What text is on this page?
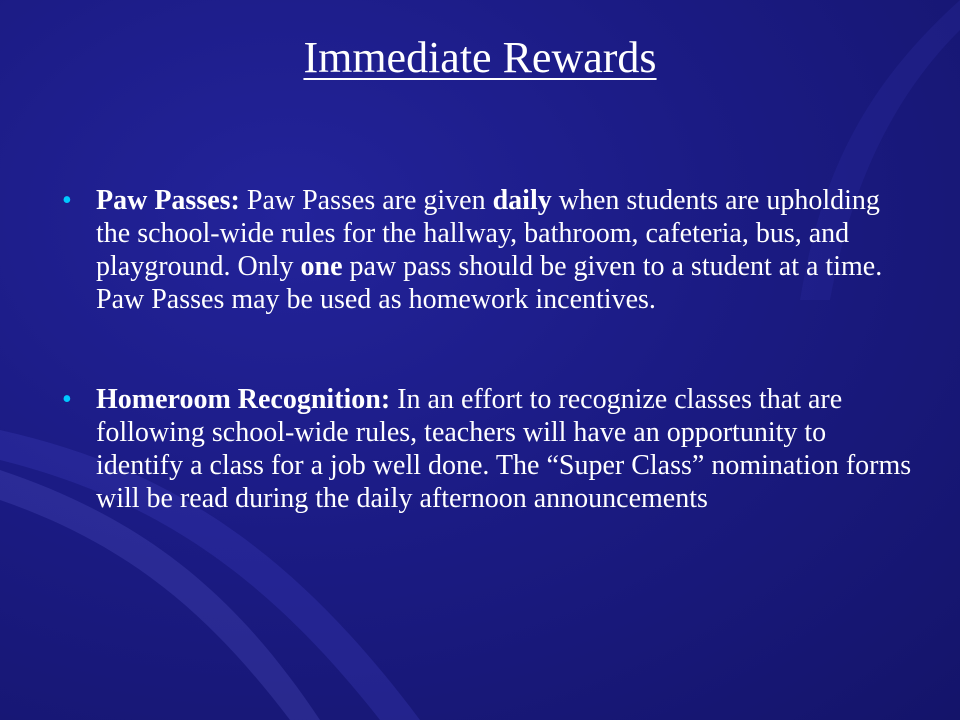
Immediate Rewards
• Paw Passes: Paw Passes are given daily when students are upholding the school-wide rules for the hallway, bathroom, cafeteria, bus, and playground. Only one paw pass should be given to a student at a time. Paw Passes may be used as homework incentives.
• Homeroom Recognition: In an effort to recognize classes that are following school-wide rules, teachers will have an opportunity to identify a class for a job well done. The “Super Class” nomination forms will be read during the daily afternoon announcements
